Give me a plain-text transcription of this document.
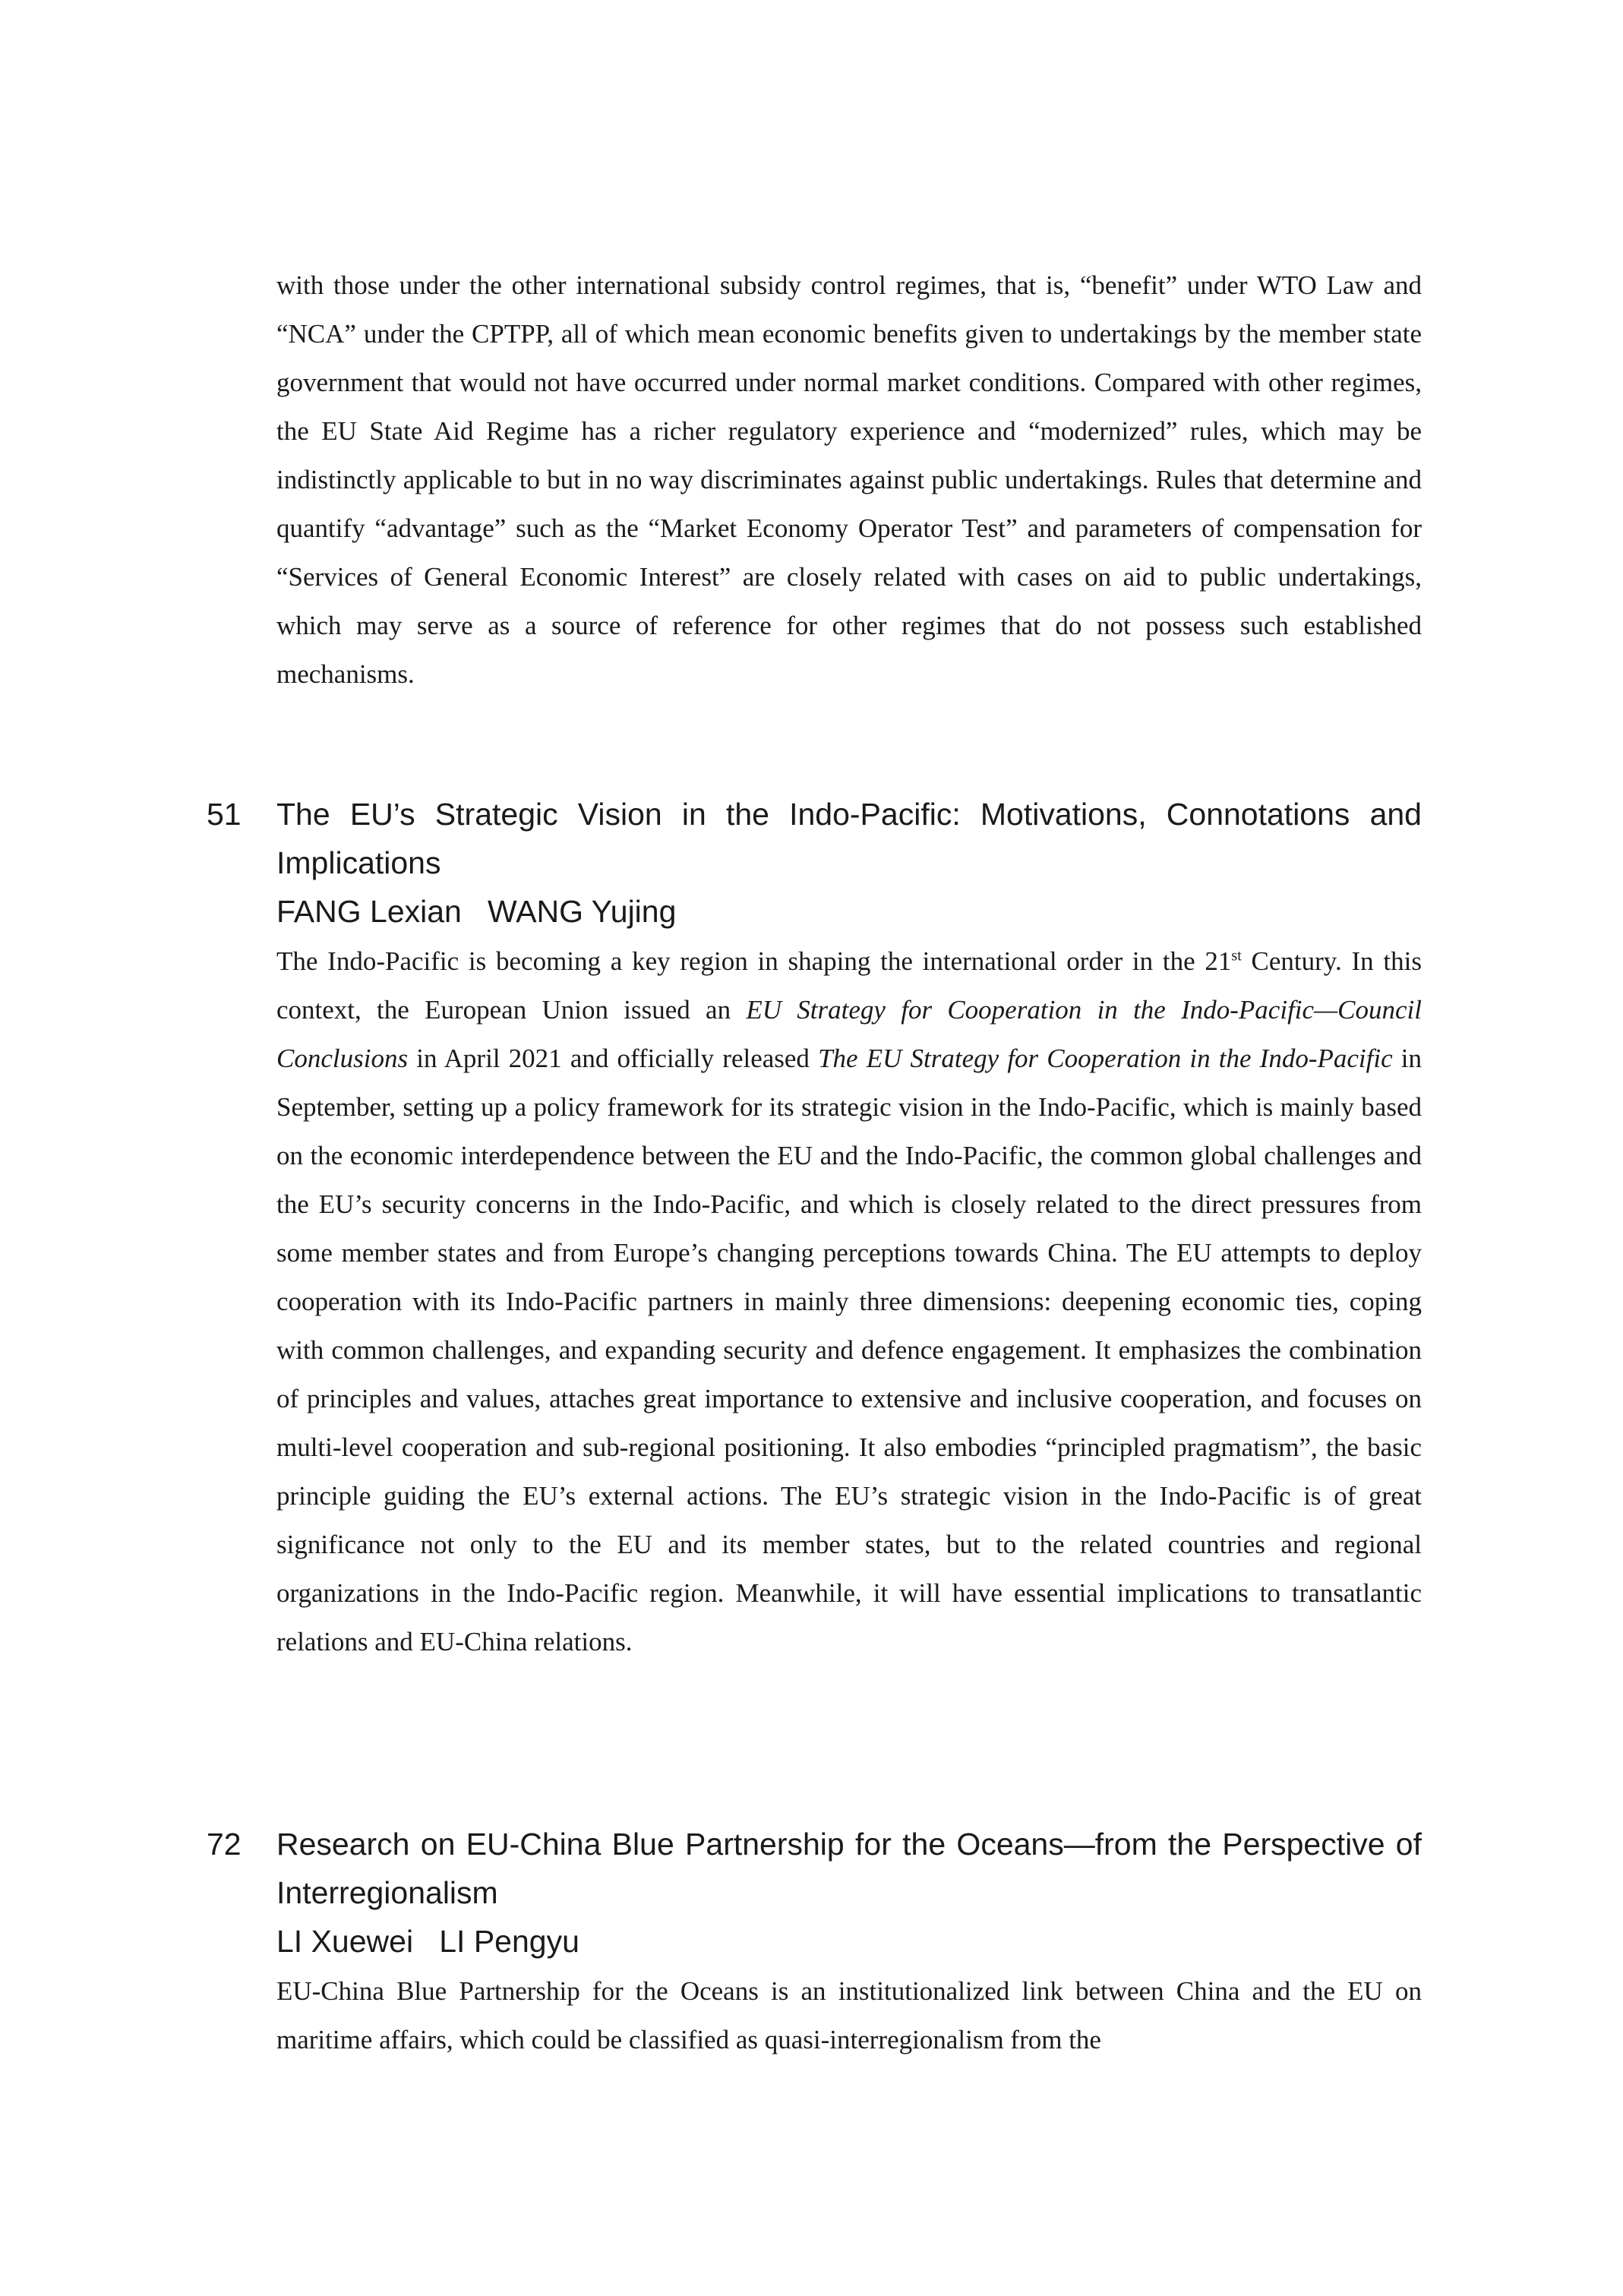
with those under the other international subsidy control regimes, that is, “benefit” under WTO Law and “NCA” under the CPTPP, all of which mean economic benefits given to undertakings by the member state government that would not have occurred under normal market conditions. Compared with other regimes, the EU State Aid Regime has a richer regulatory experience and “modernized” rules, which may be indistinctly applicable to but in no way discriminates against public undertakings. Rules that determine and quantify “advantage” such as the “Market Economy Operator Test” and parameters of compensation for “Services of General Economic Interest” are closely related with cases on aid to public undertakings, which may serve as a source of reference for other regimes that do not possess such established mechanisms.

51 The EU’s Strategic Vision in the Indo-Pacific: Motivations, Connotations and Implications

FANG Lexian   WANG Yujing

The Indo-Pacific is becoming a key region in shaping the international order in the 21st Century. In this context, the European Union issued an EU Strategy for Cooperation in the Indo-Pacific—Council Conclusions in April 2021 and officially released The EU Strategy for Cooperation in the Indo-Pacific in September, setting up a policy framework for its strategic vision in the Indo-Pacific, which is mainly based on the economic interdependence between the EU and the Indo-Pacific, the common global challenges and the EU’s security concerns in the Indo-Pacific, and which is closely related to the direct pressures from some member states and from Europe’s changing perceptions towards China. The EU attempts to deploy cooperation with its Indo-Pacific partners in mainly three dimensions: deepening economic ties, coping with common challenges, and expanding security and defence engagement. It emphasizes the combination of principles and values, attaches great importance to extensive and inclusive cooperation, and focuses on multi-level cooperation and sub-regional positioning. It also embodies “principled pragmatism”, the basic principle guiding the EU’s external actions. The EU’s strategic vision in the Indo-Pacific is of great significance not only to the EU and its member states, but to the related countries and regional organizations in the Indo-Pacific region. Meanwhile, it will have essential implications to transatlantic relations and EU-China relations.

72 Research on EU-China Blue Partnership for the Oceans—from the Perspective of Interregionalism

LI Xuewei   LI Pengyu

EU-China Blue Partnership for the Oceans is an institutionalized link between China and the EU on maritime affairs, which could be classified as quasi-interregionalism from the
